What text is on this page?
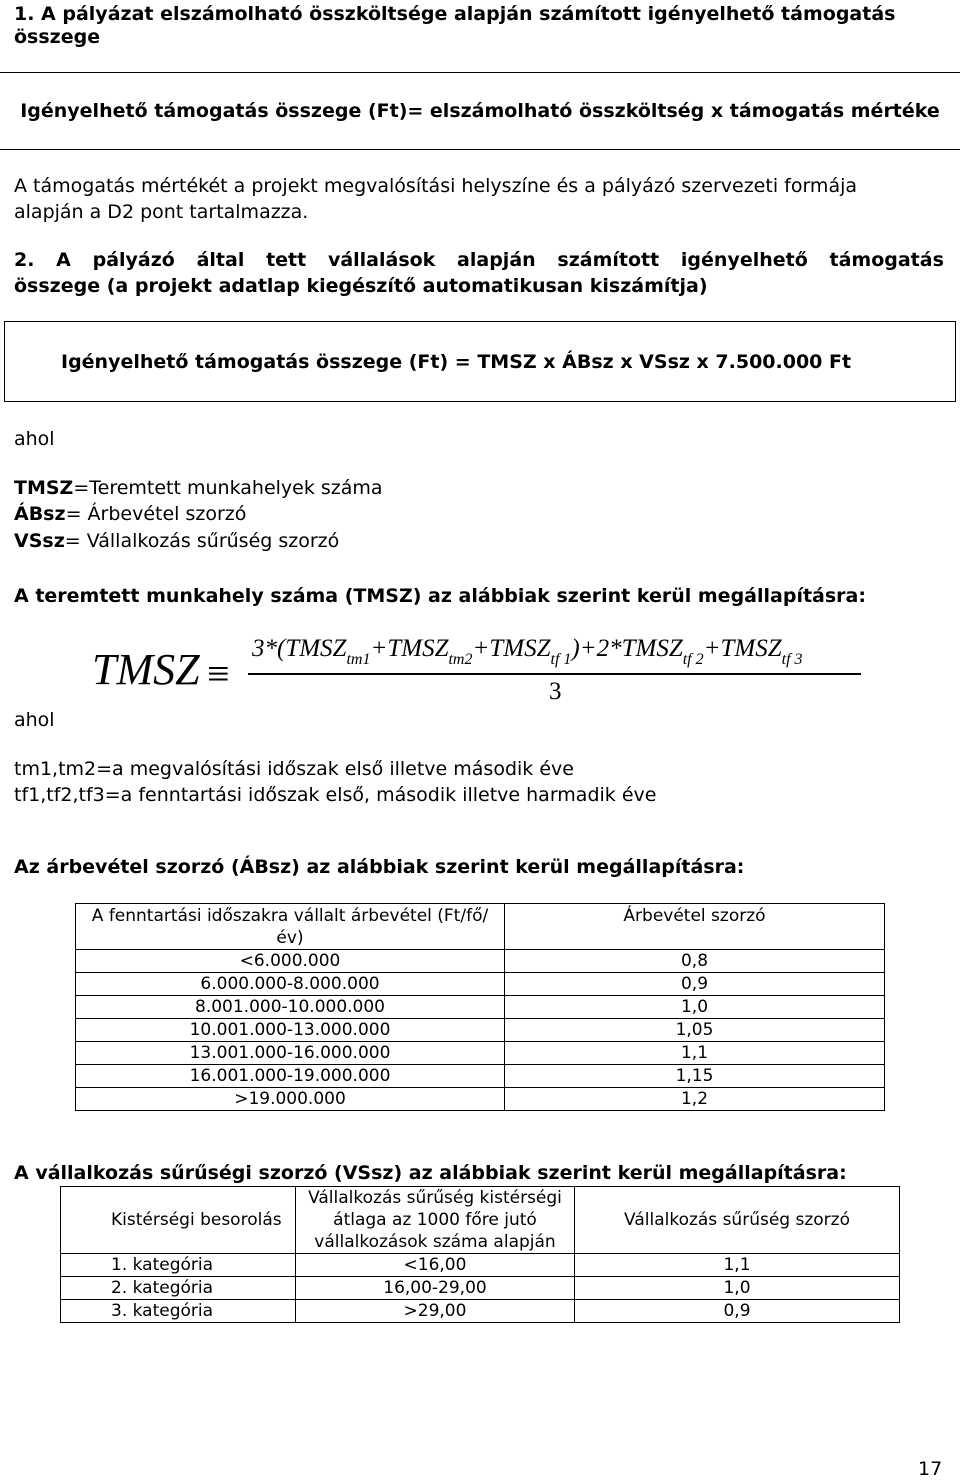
1. A pályázat elszámolható összköltsége alapján számított igényelhető támogatás összege
Igényelhető támogatás összege (Ft)= elszámolható összköltség x támogatás mértéke
A támogatás mértékét a projekt megvalósítási helyszíne és a pályázó szervezeti formája
alapján a D2 pont tartalmazza.
2. A pályázó által tett vállalások alapján számított igényelhető támogatás
összege (a projekt adatlap kiegészítő automatikusan kiszámítja)
Igényelhető támogatás összege (Ft) = TMSZ x ÁBsz x VSsz x 7.500.000 Ft
ahol
TMSZ=Teremtett munkahelyek száma
ÁBsz= Árbevétel szorzó
VSsz= Vállalkozás sűrűség szorzó
A teremtett munkahely száma (TMSZ) az alábbiak szerint kerül megállapításra:
TMSZ ≡
$3*(TMSZ_{tm1}+TMSZ_{tm2}+TMSZ_{tf 1})+2*TMSZ_{tf 2}+TMSZ_{tf 3}$
3
ahol
tm1,tm2=a megvalósítási időszak első illetve második éve
tf1,tf2,tf3=a fenntartási időszak első, második illetve harmadik éve
Az árbevétel szorzó (ÁBsz) az alábbiak szerint kerül megállapításra:
A fenntartási időszakra vállalt árbevétel (Ft/fő/év)	Árbevétel szorzó
<6.000.000	0,8
6.000.000-8.000.000	0,9
8.001.000-10.000.000	1,0
10.001.000-13.000.000	1,05
13.001.000-16.000.000	1,1
16.001.000-19.000.000	1,15
>19.000.000	1,2
A vállalkozás sűrűségi szorzó (VSsz) az alábbiak szerint kerül megállapításra:
Kistérségi besorolás	Vállalkozás sűrűség kistérségi átlaga az 1000 főre jutó vállalkozások száma alapján	Vállalkozás sűrűség szorzó
1. kategória	<16,00	1,1
2. kategória	16,00-29,00	1,0
3. kategória	>29,00	0,9
17
